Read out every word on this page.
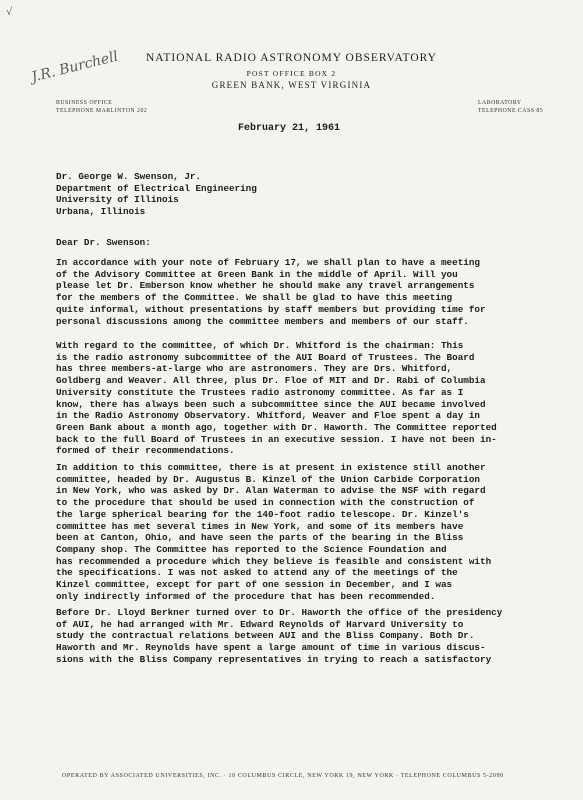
√
J.R. Burchell	NATIONAL RADIO ASTRONOMY OBSERVATORY
POST OFFICE BOX 2
GREEN BANK, WEST VIRGINIA
BUSINESS OFFICE
TELEPHONE MARLINTON 202
LABORATORY
TELEPHONE CASS 85
February 21, 1961
Dr. George W. Swenson, Jr.
Department of Electrical Engineering
University of Illinois
Urbana, Illinois
Dear Dr. Swenson:
In accordance with your note of February 17, we shall plan to have a meeting
of the Advisory Committee at Green Bank in the middle of April. Will you
please let Dr. Emberson know whether he should make any travel arrangements
for the members of the Committee. We shall be glad to have this meeting
quite informal, without presentations by staff members but providing time for
personal discussions among the committee members and members of our staff.
With regard to the committee, of which Dr. Whitford is the chairman: This
is the radio astronomy subcommittee of the AUI Board of Trustees. The Board
has three members-at-large who are astronomers. They are Drs. Whitford,
Goldberg and Weaver. All three, plus Dr. Floe of MIT and Dr. Rabi of Columbia
University constitute the Trustees radio astronomy committee. As far as I
know, there has always been such a subcommittee since the AUI became involved
in the Radio Astronomy Observatory. Whitford, Weaver and Floe spent a day in
Green Bank about a month ago, together with Dr. Haworth. The Committee reported
back to the full Board of Trustees in an executive session. I have not been in-
formed of their recommendations.
In addition to this committee, there is at present in existence still another
committee, headed by Dr. Augustus B. Kinzel of the Union Carbide Corporation
in New York, who was asked by Dr. Alan Waterman to advise the NSF with regard
to the procedure that should be used in connection with the construction of
the large spherical bearing for the 140-foot radio telescope. Dr. Kinzel's
committee has met several times in New York, and some of its members have
been at Canton, Ohio, and have seen the parts of the bearing in the Bliss
Company shop. The Committee has reported to the Science Foundation and
has recommended a procedure which they believe is feasible and consistent with
the specifications. I was not asked to attend any of the meetings of the
Kinzel committee, except for part of one session in December, and I was
only indirectly informed of the procedure that has been recommended.
Before Dr. Lloyd Berkner turned over to Dr. Haworth the office of the presidency
of AUI, he had arranged with Mr. Edward Reynolds of Harvard University to
study the contractual relations between AUI and the Bliss Company. Both Dr.
Haworth and Mr. Reynolds have spent a large amount of time in various discus-
sions with the Bliss Company representatives in trying to reach a satisfactory
OPERATED BY ASSOCIATED UNIVERSITIES, INC. · 10 COLUMBUS CIRCLE, NEW YORK 19, NEW YORK · TELEPHONE COLUMBUS 5-2090
